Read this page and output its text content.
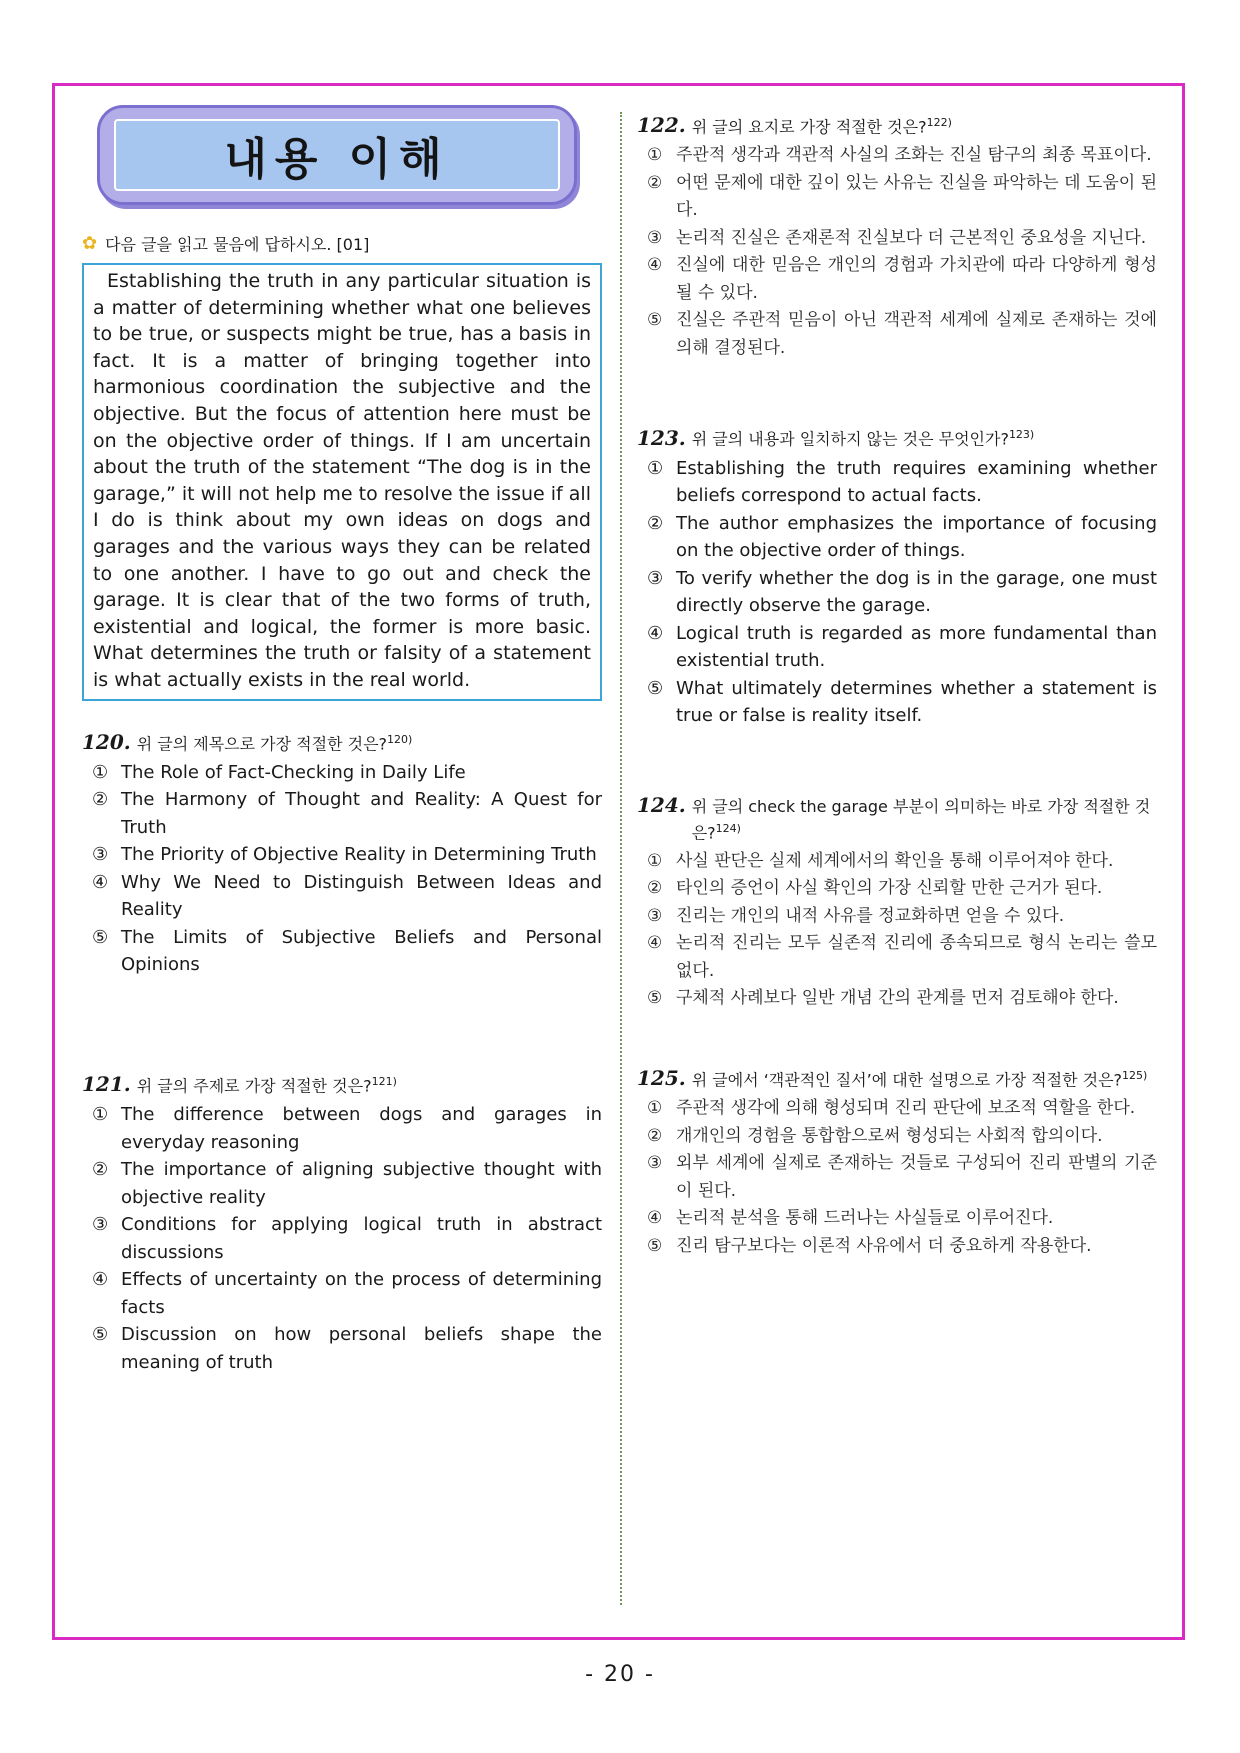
내용 이해
✿ 다음 글을 읽고 물음에 답하시오. [01]
Establishing the truth in any particular situation is a matter of determining whether what one believes to be true, or suspects might be true, has a basis in fact. It is a matter of bringing together into harmonious coordination the subjective and the objective. But the focus of attention here must be on the objective order of things. If I am uncertain about the truth of the statement “The dog is in the garage,” it will not help me to resolve the issue if all I do is think about my own ideas on dogs and garages and the various ways they can be related to one another. I have to go out and check the garage. It is clear that of the two forms of truth, existential and logical, the former is more basic. What determines the truth or falsity of a statement is what actually exists in the real world.
120. 위 글의 제목으로 가장 적절한 것은?$^{120)}$
① The Role of Fact-Checking in Daily Life
② The Harmony of Thought and Reality: A Quest for Truth
③ The Priority of Objective Reality in Determining Truth
④ Why We Need to Distinguish Between Ideas and Reality
⑤ The Limits of Subjective Beliefs and Personal Opinions
121. 위 글의 주제로 가장 적절한 것은?$^{121)}$
① The difference between dogs and garages in everyday reasoning
② The importance of aligning subjective thought with objective reality
③ Conditions for applying logical truth in abstract discussions
④ Effects of uncertainty on the process of determining facts
⑤ Discussion on how personal beliefs shape the meaning of truth
122. 위 글의 요지로 가장 적절한 것은?$^{122)}$
① 주관적 생각과 객관적 사실의 조화는 진실 탐구의 최종 목표이다.
② 어떤 문제에 대한 깊이 있는 사유는 진실을 파악하는 데 도움이 된다.
③ 논리적 진실은 존재론적 진실보다 더 근본적인 중요성을 지닌다.
④ 진실에 대한 믿음은 개인의 경험과 가치관에 따라 다양하게 형성될 수 있다.
⑤ 진실은 주관적 믿음이 아닌 객관적 세계에 실제로 존재하는 것에 의해 결정된다.
123. 위 글의 내용과 일치하지 않는 것은 무엇인가?$^{123)}$
① Establishing the truth requires examining whether beliefs correspond to actual facts.
② The author emphasizes the importance of focusing on the objective order of things.
③ To verify whether the dog is in the garage, one must directly observe the garage.
④ Logical truth is regarded as more fundamental than existential truth.
⑤ What ultimately determines whether a statement is true or false is reality itself.
124. 위 글의 check the garage 부분이 의미하는 바로 가장 적절한 것은?$^{124)}$
① 사실 판단은 실제 세계에서의 확인을 통해 이루어져야 한다.
② 타인의 증언이 사실 확인의 가장 신뢰할 만한 근거가 된다.
③ 진리는 개인의 내적 사유를 정교화하면 얻을 수 있다.
④ 논리적 진리는 모두 실존적 진리에 종속되므로 형식 논리는 쓸모없다.
⑤ 구체적 사례보다 일반 개념 간의 관계를 먼저 검토해야 한다.
125. 위 글에서 ‘객관적인 질서’에 대한 설명으로 가장 적절한 것은?$^{125)}$
① 주관적 생각에 의해 형성되며 진리 판단에 보조적 역할을 한다.
② 개개인의 경험을 통합함으로써 형성되는 사회적 합의이다.
③ 외부 세계에 실제로 존재하는 것들로 구성되어 진리 판별의 기준이 된다.
④ 논리적 분석을 통해 드러나는 사실들로 이루어진다.
⑤ 진리 탐구보다는 이론적 사유에서 더 중요하게 작용한다.
- 20 -
